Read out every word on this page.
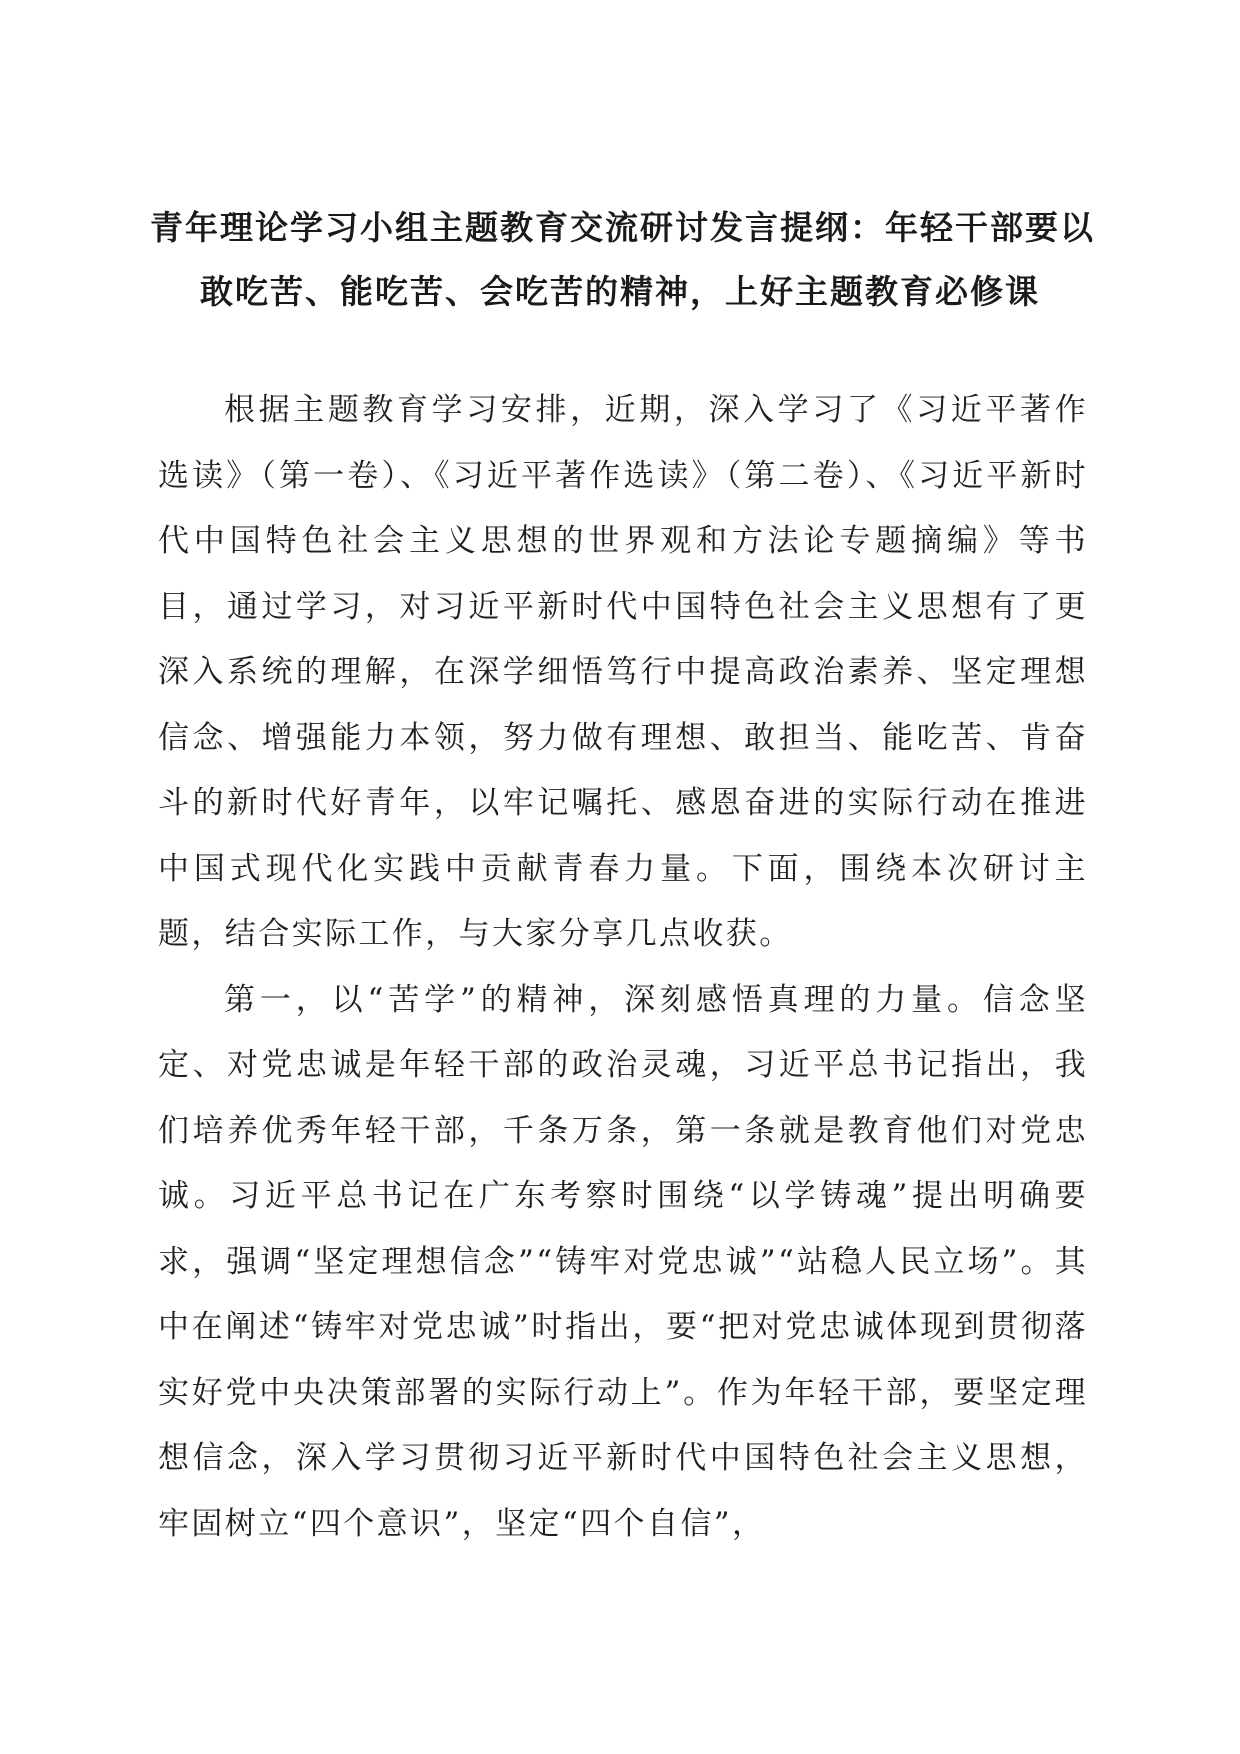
青年理论学习小组主题教育交流研讨发言提纲：年轻干部要以
敢吃苦、能吃苦、会吃苦的精神，上好主题教育必修课

根据主题教育学习安排，近期，深入学习了《习近平著作选读》（第一卷）、《习近平著作选读》（第二卷）、《习近平新时代中国特色社会主义思想的世界观和方法论专题摘编》等书目，通过学习，对习近平新时代中国特色社会主义思想有了更深入系统的理解，在深学细悟笃行中提高政治素养、坚定理想信念、增强能力本领，努力做有理想、敢担当、能吃苦、肯奋斗的新时代好青年，以牢记嘱托、感恩奋进的实际行动在推进中国式现代化实践中贡献青春力量。下面，围绕本次研讨主题，结合实际工作，与大家分享几点收获。

第一，以“苦学”的精神，深刻感悟真理的力量。信念坚定、对党忠诚是年轻干部的政治灵魂，习近平总书记指出，我们培养优秀年轻干部，千条万条，第一条就是教育他们对党忠诚。习近平总书记在广东考察时围绕“以学铸魂”提出明确要求，强调“坚定理想信念”“铸牢对党忠诚”“站稳人民立场”。其中在阐述“铸牢对党忠诚”时指出，要“把对党忠诚体现到贯彻落实好党中央决策部署的实际行动上”。作为年轻干部，要坚定理想信念，深入学习贯彻习近平新时代中国特色社会主义思想，牢固树立“四个意识”，坚定“四个自信”，
